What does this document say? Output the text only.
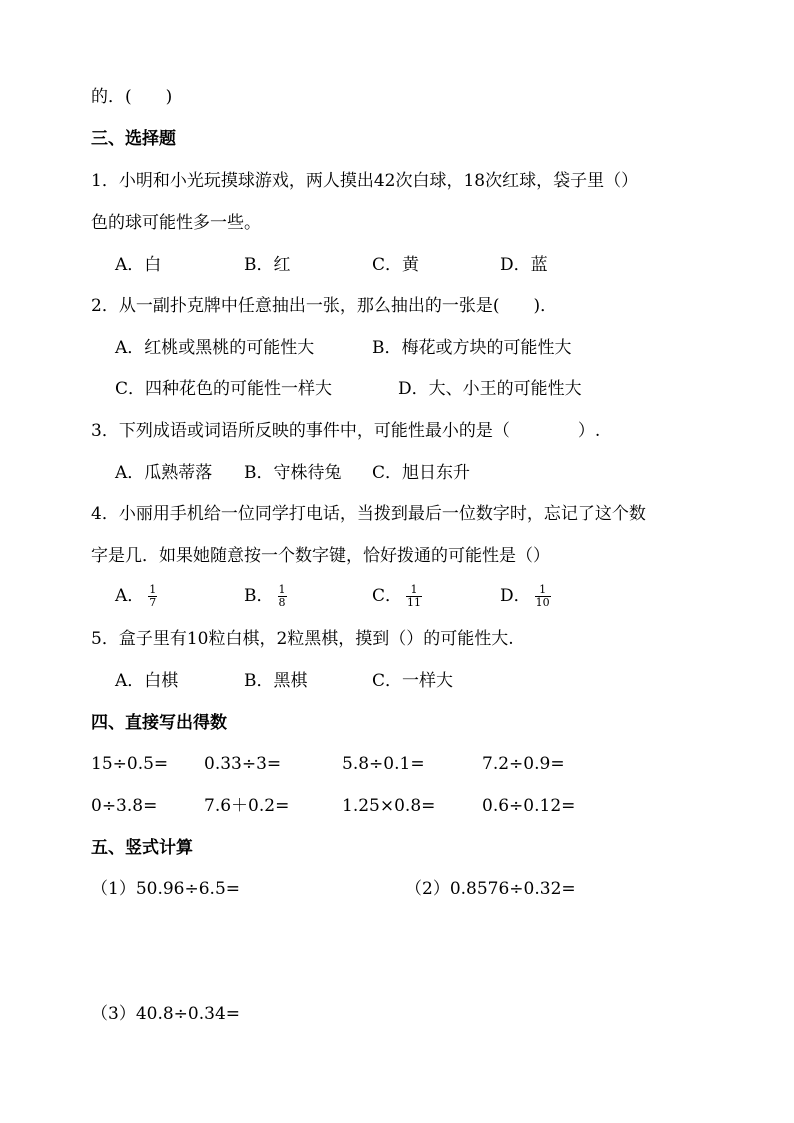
的．(　　)
三、选择题
1．小明和小光玩摸球游戏，两人摸出42次白球，18次红球，袋子里（）
色的球可能性多一些。
A．白	B．红	C．黄	D．蓝
2．从一副扑克牌中任意抽出一张，那么抽出的一张是(　　)．
A．红桃或黑桃的可能性大	B．梅花或方块的可能性大
C．四种花色的可能性一样大	D．大、小王的可能性大
3．下列成语或词语所反映的事件中，可能性最小的是（　　　　）.
A．瓜熟蒂落 B．守株待兔 C．旭日东升
4．小丽用手机给一位同学打电话，当拨到最后一位数字时，忘记了这个数
字是几．如果她随意按一个数字键，恰好拨通的可能性是（）
A． $\frac{1}{7}$	B． $\frac{1}{8}$	C． $\frac{1}{11}$	D． $\frac{1}{10}$
5．盒子里有10粒白棋，2粒黑棋，摸到（）的可能性大.
A．白棋	B．黑棋	C．一样大
四、直接写出得数
15÷0.5= 0.33÷3=	5.8÷0.1=	7.2÷0.9=
0÷3.8=	7.6＋0.2=	1.25×0.8=	0.6÷0.12=
五、竖式计算
（1）50.96÷6.5=	（2）0.8576÷0.32=
（3）40.8÷0.34=
